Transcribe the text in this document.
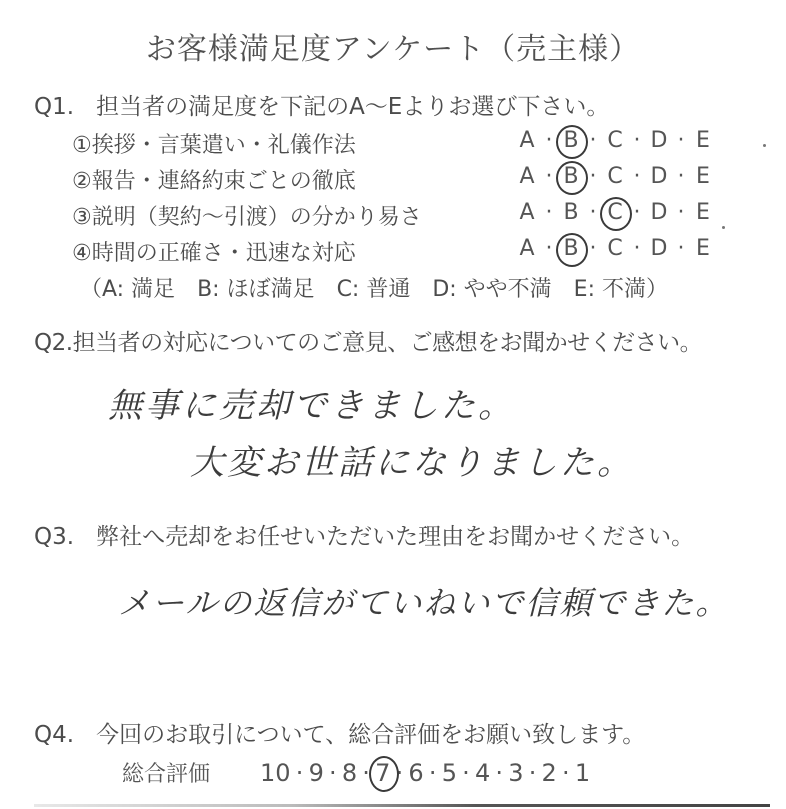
お客様満足度アンケート（売主様）
Q1. 担当者の満足度を下記のA～Eよりお選び下さい。
①挨拶・言葉遣い・礼儀作法	A · B · C · D · E
②報告・連絡約束ごとの徹底	A · B · C · D · E
③説明（契約～引渡）の分かり易さ	A · B · C · D · E
④時間の正確さ・迅速な対応	A · B · C · D · E
（A: 満足　B: ほぼ満足　C: 普通　D: やや不満　E: 不満）
Q2.担当者の対応についてのご意見、ご感想をお聞かせください。
無事に売却できました。
大変お世話になりました。
Q3. 弊社へ売却をお任せいただいた理由をお聞かせください。
メールの返信がていねいで信頼できた。
Q4. 今回のお取引について、総合評価をお願い致します。
総合評価 10 · 9 · 8 · 7 · 6 · 5 · 4 · 3 · 2 · 1
